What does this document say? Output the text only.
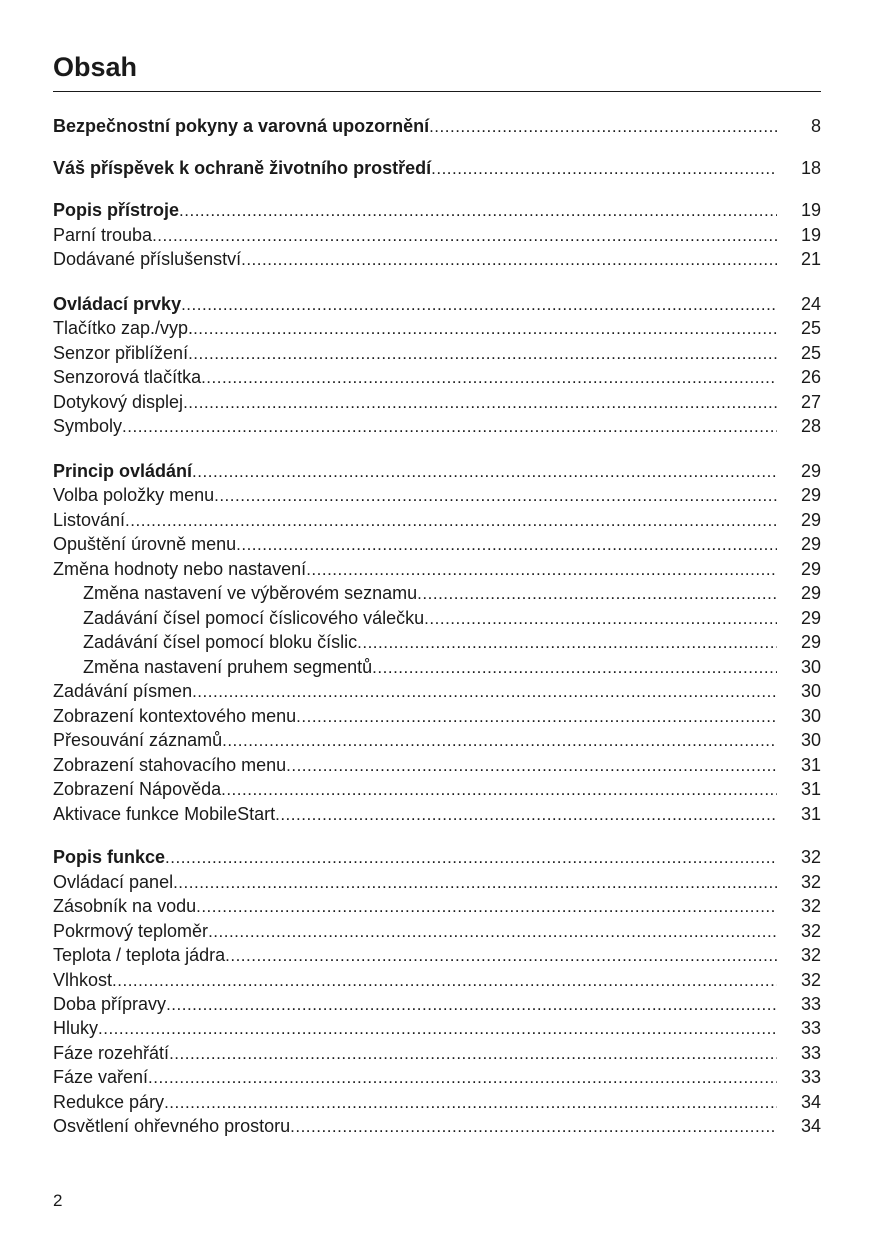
Obsah
Bezpečnostní pokyny a varovná upozornění .....	8
Váš příspěvek k ochraně životního prostředí .....	18
Popis přístroje .....	19
Parní trouba .....	19
Dodávané příslušenství .....	21
Ovládací prvky .....	24
Tlačítko zap./vyp. .....	25
Senzor přiblížení .....	25
Senzorová tlačítka .....	26
Dotykový displej .....	27
Symboly .....	28
Princip ovládání .....	29
Volba položky menu .....	29
Listování .....	29
Opuštění úrovně menu .....	29
Změna hodnoty nebo nastavení .....	29
Změna nastavení ve výběrovém seznamu .....	29
Zadávání čísel pomocí číslicového válečku .....	29
Zadávání čísel pomocí bloku číslic .....	29
Změna nastavení pruhem segmentů .....	30
Zadávání písmen .....	30
Zobrazení kontextového menu .....	30
Přesouvání záznamů .....	30
Zobrazení stahovacího menu .....	31
Zobrazení Nápověda .....	31
Aktivace funkce MobileStart .....	31
Popis funkce .....	32
Ovládací panel .....	32
Zásobník na vodu .....	32
Pokrmový teploměr .....	32
Teplota / teplota jádra .....	32
Vlhkost .....	32
Doba přípravy .....	33
Hluky .....	33
Fáze rozehřátí .....	33
Fáze vaření .....	33
Redukce páry .....	34
Osvětlení ohřevného prostoru .....	34
2
